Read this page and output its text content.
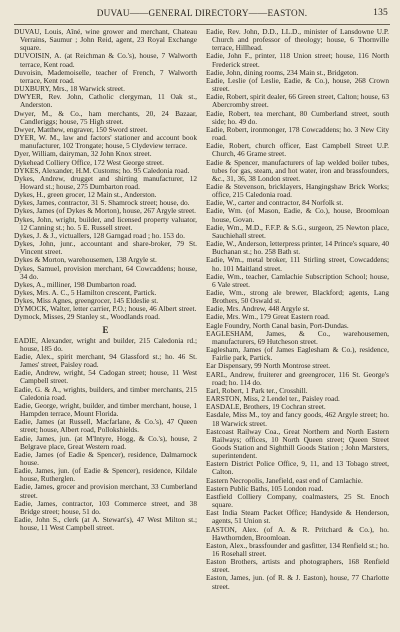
DUVAU——GENERAL DIRECTORY——EASTON.	135

DUVAU, Louis, Aîné, wine grower and merchant, Chateau Verrains, Saumur ; John Reid, agent, 23 Royal Exchange square.

DUVOISIN, A. (at Reichman & Co.'s), house, 7 Walworth terrace, Kent road.

Duvoisin, Mademoiselle, teacher of French, 7 Walworth terrace, Kent road.

DUXBURY, Mrs., 18 Warwick street.

DWYER, Rev. John, Catholic clergyman, 11 Oak st., Anderston.

Dwyer, M., & Co., ham merchants, 20, 24 Bazaar, Candleriggs; house, 75 High street.

Dwyer, Matthew, engraver, 150 Sword street.

DYER, W. M., law and factors' stationer and account book manufacturer, 102 Trongate; house, 5 Clydeview terrace.

Dyer, William, dairyman, 32 John Knox street.

Dykehead Colliery Office, 172 West George street.

DYKES, Alexander, H.M. Customs; ho. 95 Caledonia road.

Dykes, Andrew, drugget and shirting manufacturer, 12 Howard st.; house, 275 Dumbarton road.

Dykes, H., green grocer, 12 Main st., Anderston.

Dykes, James, contractor, 31 S. Shamrock street; house, do.

Dykes, James (of Dykes & Morton), house, 267 Argyle street.

Dykes, John, wright, builder, and licensed property valuator, 12 Canning st.; ho. 5 E. Russell street.

Dykes, J. & J., victuallers, 128 Garngad road ; ho. 153 do.

Dykes, John, junr., accountant and share-broker, 79 St. Vincent street.

Dykes & Morton, warehousemen, 138 Argyle st.

Dykes, Samuel, provision merchant, 64 Cowcaddens; house, 34 do.

Dykes, A., milliner, 198 Dumbarton road.

Dykes, Mrs. A. C., 5 Hamilton crescent, Partick.

Dykes, Miss Agnes, greengrocer, 145 Eldeslie st.

DYMOCK, Walter, letter carrier, P.O.; house, 46 Albert street.

Dymock, Misses, 29 Stanley st., Woodlands road.

E

EADIE, Alexander, wright and builder, 215 Caledonia rd.; house, 185 do.

Eadie, Alex., spirit merchant, 94 Glassford st.; ho. 46 St. James' street, Paisley road.

Eadie, Andrew, wright, 54 Cadogan street; house, 11 West Campbell street.

Eadie, G. & A., wrights, builders, and timber merchants, 215 Caledonia road.

Eadie, George, wright, builder, and timber merchant, house, 1 Hampden terrace, Mount Florida.

Eadie, James (at Russell, Macfarlane, & Co.'s), 47 Queen street; house, Albert road, Pollokshields.

Eadie, James, jun. (at M'Intyre, Hogg, & Co.'s), house, 2 Belgrave place, Great Western road.

Eadie, James (of Eadie & Spencer), residence, Dalmarnock house.

Eadie, James, jun. (of Eadie & Spencer), residence, Kildale house, Rutherglen.

Eadie, James, grocer and provision merchant, 33 Cumberland street.

Eadie, James, contractor, 103 Commerce street, and 38 Bridge street; house, 51 do.

Eadie, John S., clerk (at A. Stewart's), 47 West Milton st.; house, 11 West Campbell street.

Eadie, Rev. John, D.D., LL.D., minister of Lansdowne U.P. Church and professor of theology; house, 6 Thornville terrace, Hillhead.

Eadie, John F., printer, 118 Union street; house, 116 North Frederick street.

Eadie, John, dining rooms, 234 Main st., Bridgeton.

Eadie, Leslie (of Leslie, Eadie, & Co.), house, 268 Crown street.

Eadie, Robert, spirit dealer, 66 Green street, Calton; house, 63 Abercromby street.

Eadie, Robert, tea merchant, 80 Cumberland street, south side; ho. 49 do.

Eadie, Robert, ironmonger, 178 Cowcaddens; ho. 3 New City road.

Eadie, Robert, church officer, East Campbell Street U.P. Church, 46 Grame street.

Eadie & Spencer, manufacturers of lap welded boiler tubes, tubes for gas, steam, and hot water, iron and brassfounders, &c., 31, 36, 38 London street.

Eadie & Stevenson, bricklayers, Hangingshaw Brick Works; office, 215 Caledonia road.

Eadie, W., carter and contractor, 84 Norfolk st.

Eadie, Wm. (of Mason, Eadie, & Co.), house, Broomloan house, Govan.

Eadie, Wm., M.D., F.F.P. & S.G., surgeon, 25 Newton place, Sauchiehall street.

Eadie, W., Anderson, letterpress printer, 14 Prince's square, 40 Buchanan st.; ho. 258 Bath st.

Eadie, Wm., metal broker, 111 Stirling street, Cowcaddens; ho. 101 Maitland street.

Eadie, Wm., teacher, Camlachie Subscription School; house, 6 Vale street.

Eadie, Wm., strong ale brewer, Blackford; agents, Lang Brothers, 50 Oswald st.

Eadie, Mrs. Andrew, 448 Argyle st.

Eadie, Mrs. Wm., 179 Great Eastern road.

Eagle Foundry, North Canal basin, Port-Dundas.

EAGLESHAM, James, & Co., warehousemen, manufacturers, 69 Hutcheson street.

Eaglesham, James (of James Eaglesham & Co.), residence, Fairlie park, Partick.

Ear Dispensary, 99 North Montrose street.

EARL, Andrew, fruiterer and greengrocer, 116 St. George's road; ho. 114 do.

Earl, Robert, 1 Park ter., Crosshill.

EARSTON, Miss, 2 Lendel ter., Paisley road.

EASDALE, Brothers, 19 Cochran street.

Easdale, Miss M., toy and fancy goods, 462 Argyle street; ho. 18 Warwick street.

Eastcoast Railway Coa., Great Northern and North Eastern Railways; offices, 10 North Queen street; Queen Street Goods Station and Sighthill Goods Station ; John Marsters, superintendent.

Eastern District Police Office, 9, 11, and 13 Tobago street, Calton.

Eastern Necropolis, Janefield, east end of Camlachie.

Eastern Public Baths, 105 London road.

Eastfield Colliery Company, coalmasters, 25 St. Enoch square.

East India Steam Packet Office; Handyside & Henderson, agents, 51 Union st.

EASTON, Alex. (of A. & R. Pritchard & Co.), ho. Hawthornden, Broomloan.

Easton, Alex., brassfounder and gasfitter, 134 Renfield st.; ho. 16 Rosehall street.

Easton Brothers, artists and photographers, 168 Renfield street.

Easton, James, jun. (of R. & J. Easton), house, 77 Charlotte street.
